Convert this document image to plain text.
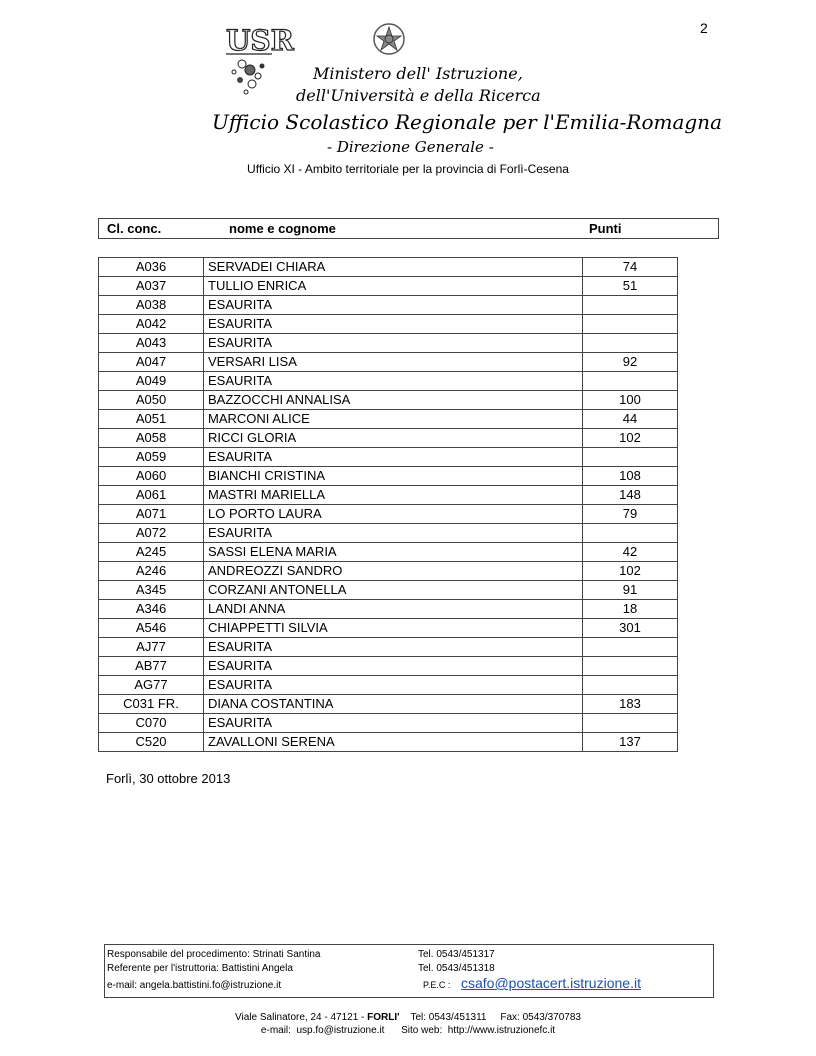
2
USR
Ministero dell' Istruzione,
dell'Università e della Ricerca
Ufficio Scolastico Regionale per l'Emilia-Romagna
- Direzione Generale -
Ufficio XI - Ambito territoriale per la provincia di Forlì-Cesena
Cl. conc.	nome e cognome	Punti
A036	SERVADEI CHIARA	74
A037	TULLIO ENRICA	51
A038	ESAURITA	
A042	ESAURITA	
A043	ESAURITA	
A047	VERSARI LISA	92
A049	ESAURITA	
A050	BAZZOCCHI ANNALISA	100
A051	MARCONI ALICE	44
A058	RICCI GLORIA	102
A059	ESAURITA	
A060	BIANCHI CRISTINA	108
A061	MASTRI MARIELLA	148
A071	LO PORTO LAURA	79
A072	ESAURITA	
A245	SASSI ELENA MARIA	42
A246	ANDREOZZI SANDRO	102
A345	CORZANI ANTONELLA	91
A346	LANDI ANNA	18
A546	CHIAPPETTI SILVIA	301
AJ77	ESAURITA	
AB77	ESAURITA	
AG77	ESAURITA	
C031 FR.	DIANA COSTANTINA	183
C070	ESAURITA	
C520	ZAVALLONI SERENA	137
Forlì, 30 ottobre 2013
Responsabile del procedimento: Strinati Santina
Referente per l'istruttoria: Battistini Angela
e-mail: angela.battistini.fo@istruzione.it
Tel. 0543/451317
Tel. 0543/451318
P.E.C : csafo@postacert.istruzione.it
Viale Salinatore, 24 - 47121 - FORLI'    Tel: 0543/451311     Fax: 0543/370783
e-mail:  usp.fo@istruzione.it      Sito web:  http://www.istruzionefc.it
